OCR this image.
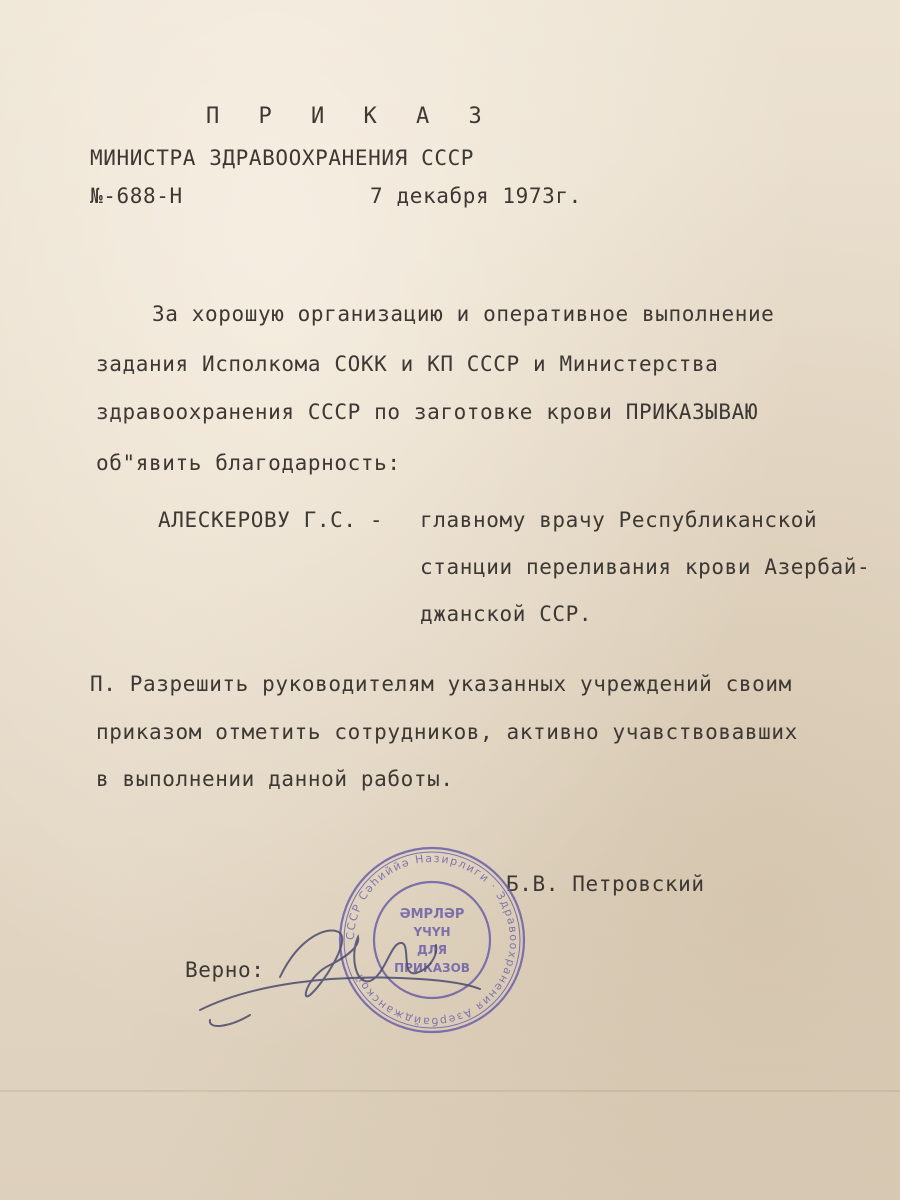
П Р И К А З
МИНИСТРА ЗДРАВООХРАНЕНИЯ СССР
№-688-Н	7 декабря 1973г.
За хорошую организацию и оперативное выполнение
задания Исполкома СОКК и КП СССР и Министерства
здравоохранения СССР по заготовке крови ПРИКАЗЫВАЮ
об"явить благодарность:
АЛЕСКЕРОВУ Г.С. - главному врачу Республиканской
станции переливания крови Азербай-
джанской ССР.
П. Разрешить руководителям указанных учреждений своим
приказом отметить сотрудников, активно учавствовавших
в выполнении данной работы.
Б.В. Петровский
Верно:
СССР Сәһиййә Назирлиги · Здравоохранения Азербайджанской
ӘМРЛӘР
ҮЧҮН
ДЛЯ
ПРИКАЗОВ
